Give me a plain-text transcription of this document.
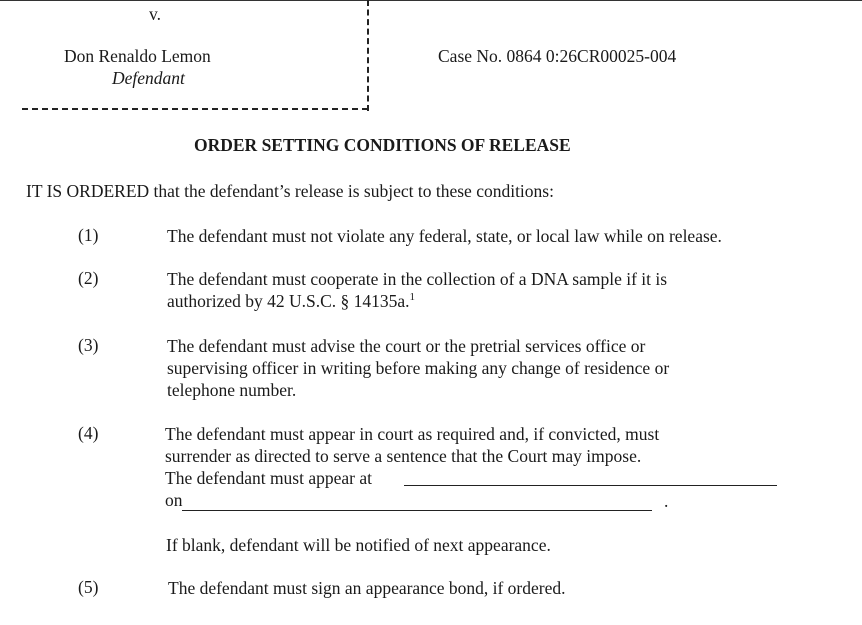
v.
Don Renaldo Lemon
Defendant
Case No. 0864 0:26CR00025-004
ORDER SETTING CONDITIONS OF RELEASE
IT IS ORDERED that the defendant’s release is subject to these conditions:
(1)	The defendant must not violate any federal, state, or local law while on release.
(2)	The defendant must cooperate in the collection of a DNA sample if it is
authorized by 42 U.S.C. § 14135a.$^1$
(3)	The defendant must advise the court or the pretrial services office or
supervising officer in writing before making any change of residence or
telephone number.
(4)	The defendant must appear in court as required and, if convicted, must
surrender as directed to serve a sentence that the Court may impose.
The defendant must appear at
on	.
If blank, defendant will be notified of next appearance.
(5)	The defendant must sign an appearance bond, if ordered.
